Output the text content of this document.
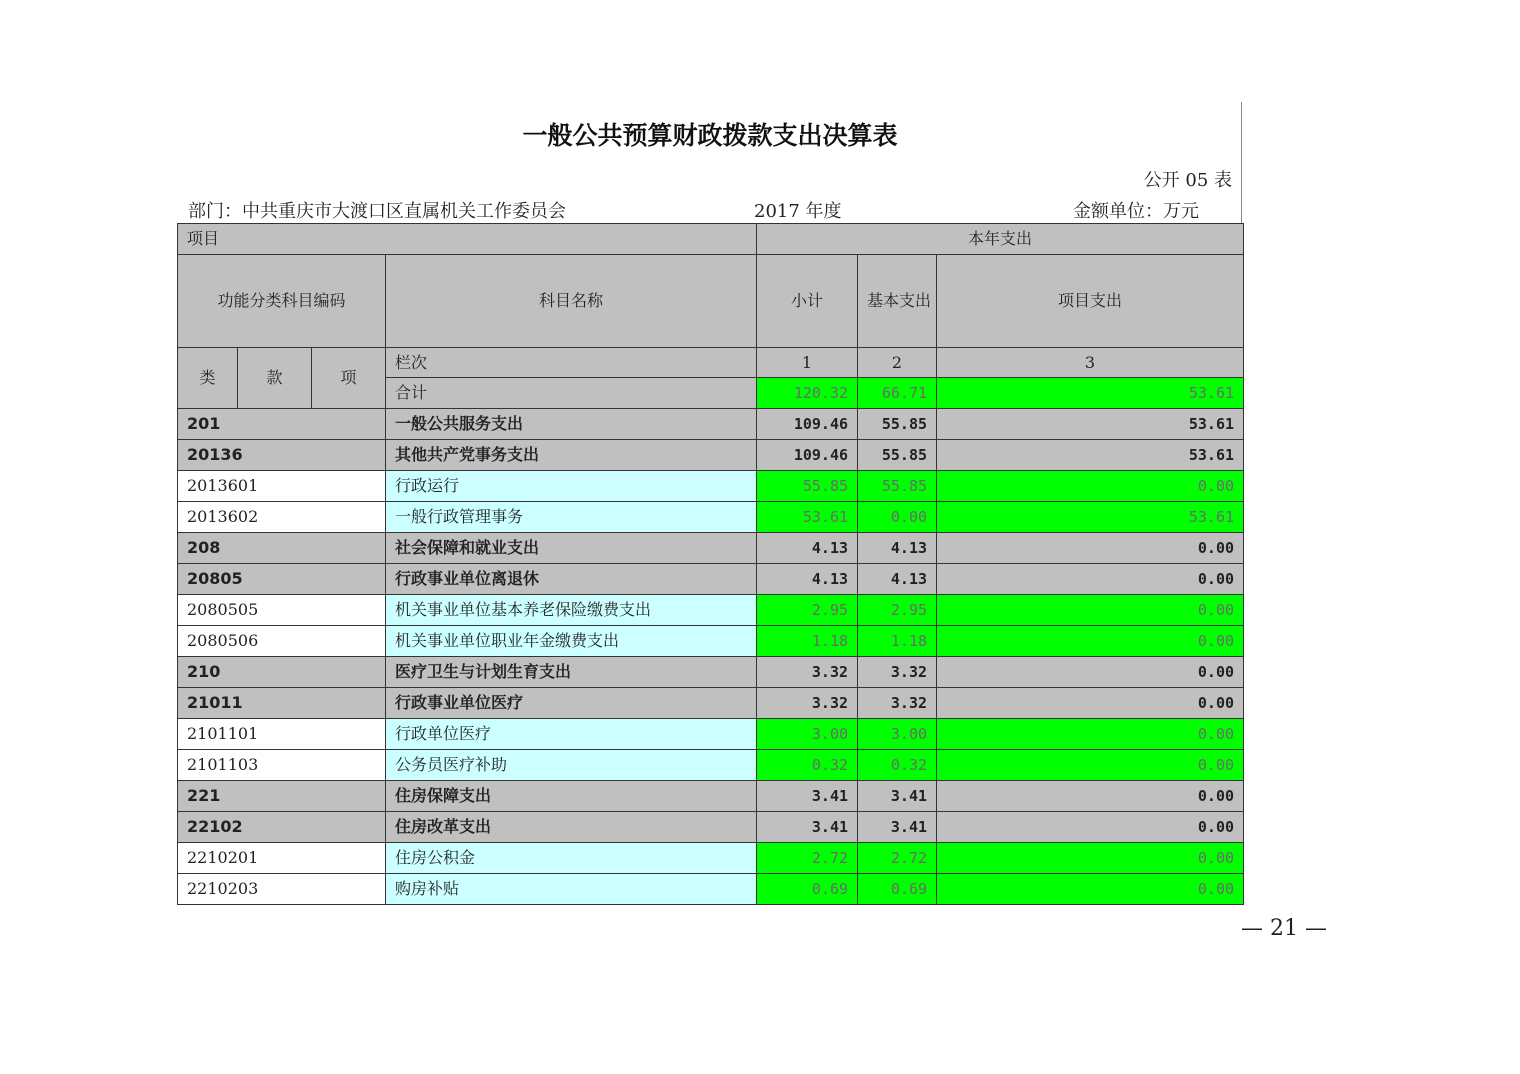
一般公共预算财政拨款支出决算表
公开 05 表
部门：中共重庆市大渡口区直属机关工作委员会	2017 年度	金额单位：万元
项目				本年支出		
功能分类科目编码			科目名称	小计	基本支出	项目支出
类	款	项	栏次	1	2	3
			合计	120.32	66.71	53.61
201			一般公共服务支出	109.46	55.85	53.61
20136			其他共产党事务支出	109.46	55.85	53.61
2013601			行政运行	55.85	55.85	0.00
2013602			一般行政管理事务	53.61	0.00	53.61
208			社会保障和就业支出	4.13	4.13	0.00
20805			行政事业单位离退休	4.13	4.13	0.00
2080505			机关事业单位基本养老保险缴费支出	2.95	2.95	0.00
2080506			机关事业单位职业年金缴费支出	1.18	1.18	0.00
210			医疗卫生与计划生育支出	3.32	3.32	0.00
21011			行政事业单位医疗	3.32	3.32	0.00
2101101			行政单位医疗	3.00	3.00	0.00
2101103			公务员医疗补助	0.32	0.32	0.00
221			住房保障支出	3.41	3.41	0.00
22102			住房改革支出	3.41	3.41	0.00
2210201			住房公积金	2.72	2.72	0.00
2210203			购房补贴	0.69	0.69	0.00
— 21 —
